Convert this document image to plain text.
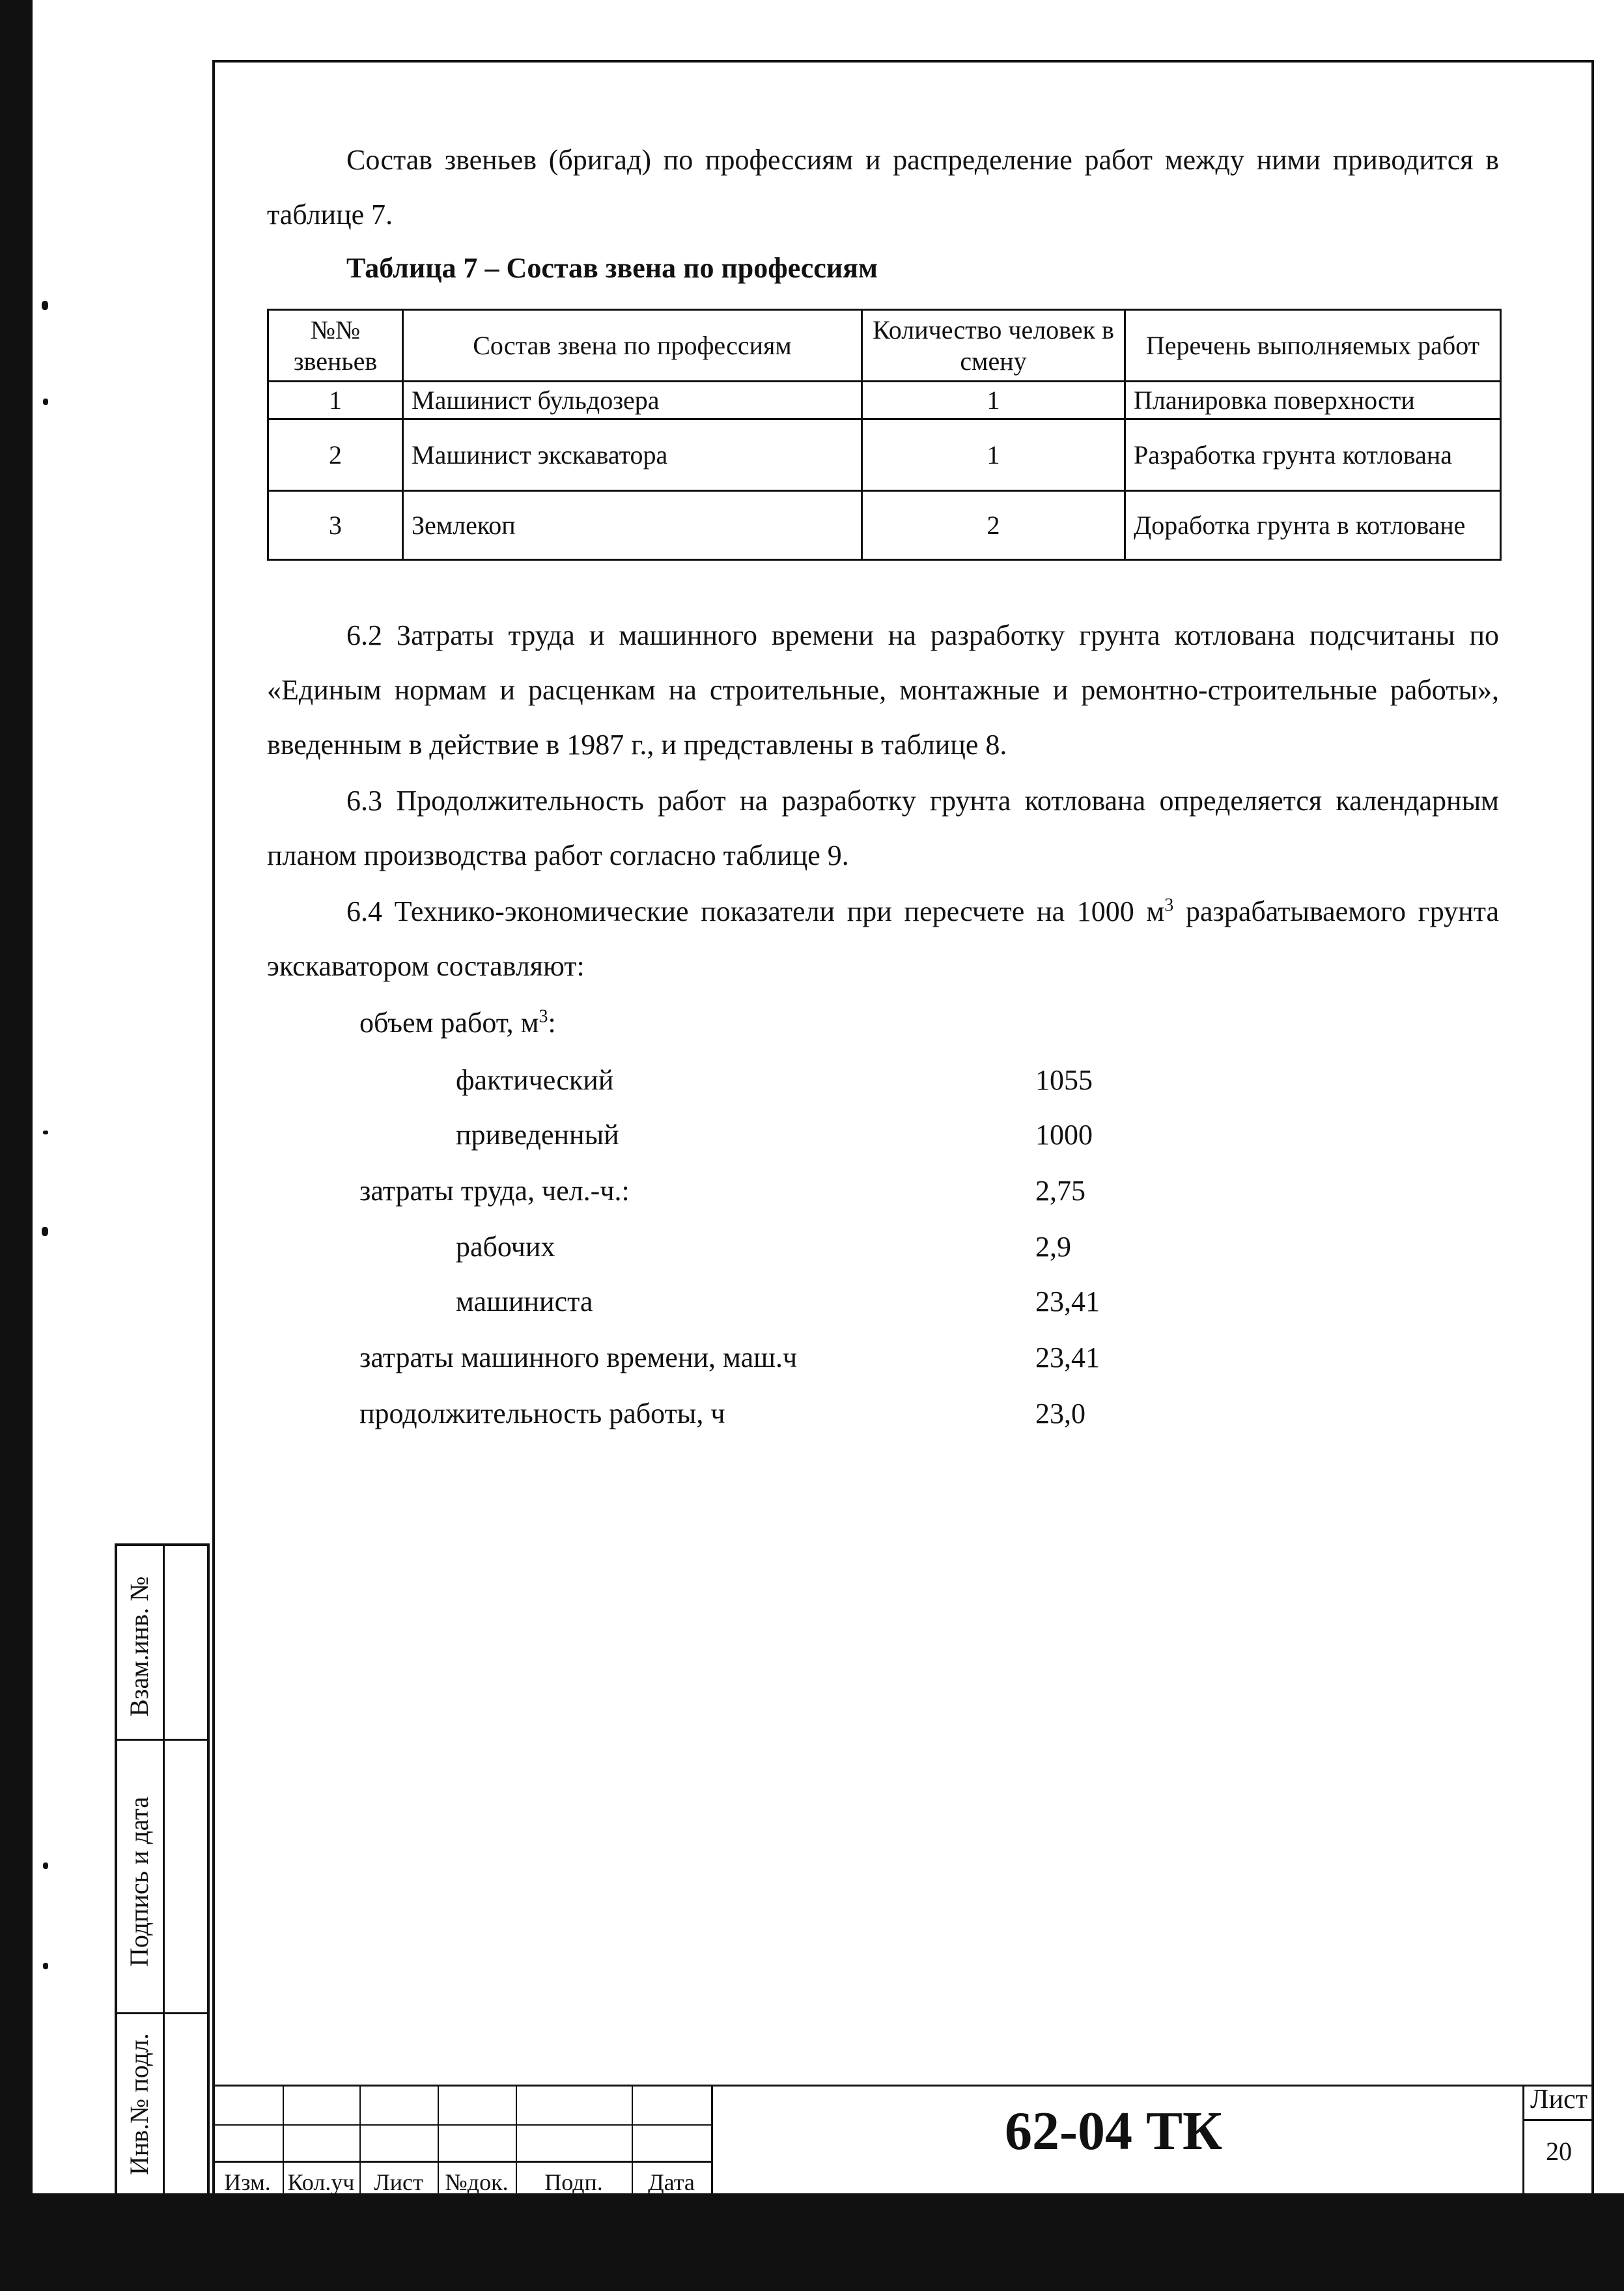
Состав звеньев (бригад) по профессиям и распределение работ между ними приводится в таблице 7.
Таблица 7 – Состав звена по профессиям
№№ звеньев	Состав звена по профессиям	Количество человек в смену	Перечень выполняемых работ
1	Машинист бульдозера	1	Планировка поверхности
2	Машинист экскаватора	1	Разработка грунта котлована
3	Землекоп	2	Доработка грунта в котловане
6.2 Затраты труда и машинного времени на разработку грунта котлована подсчитаны по «Единым нормам и расценкам на строительные, монтажные и ремонтно-строительные работы», введенным в действие в 1987 г., и представлены в таблице 8.
6.3 Продолжительность работ на разработку грунта котлована определяется календарным планом производства работ согласно таблице 9.
6.4 Технико-экономические показатели при пересчете на 1000 $м^3$ разрабатываемого грунта экскаватором составляют:
объем работ, $м^3$:
фактический	1055
приведенный	1000
затраты труда, чел.-ч.:	2,75
рабочих	2,9
машиниста	23,41
затраты машинного времени, маш.ч	23,41
продолжительность работы, ч	23,0
Взам.инв. №
Подпись и дата
Инв.№ подл.
Изм. Кол.уч Лист №док.	Подп.	Дата
62-04 ТК
Лист
20
